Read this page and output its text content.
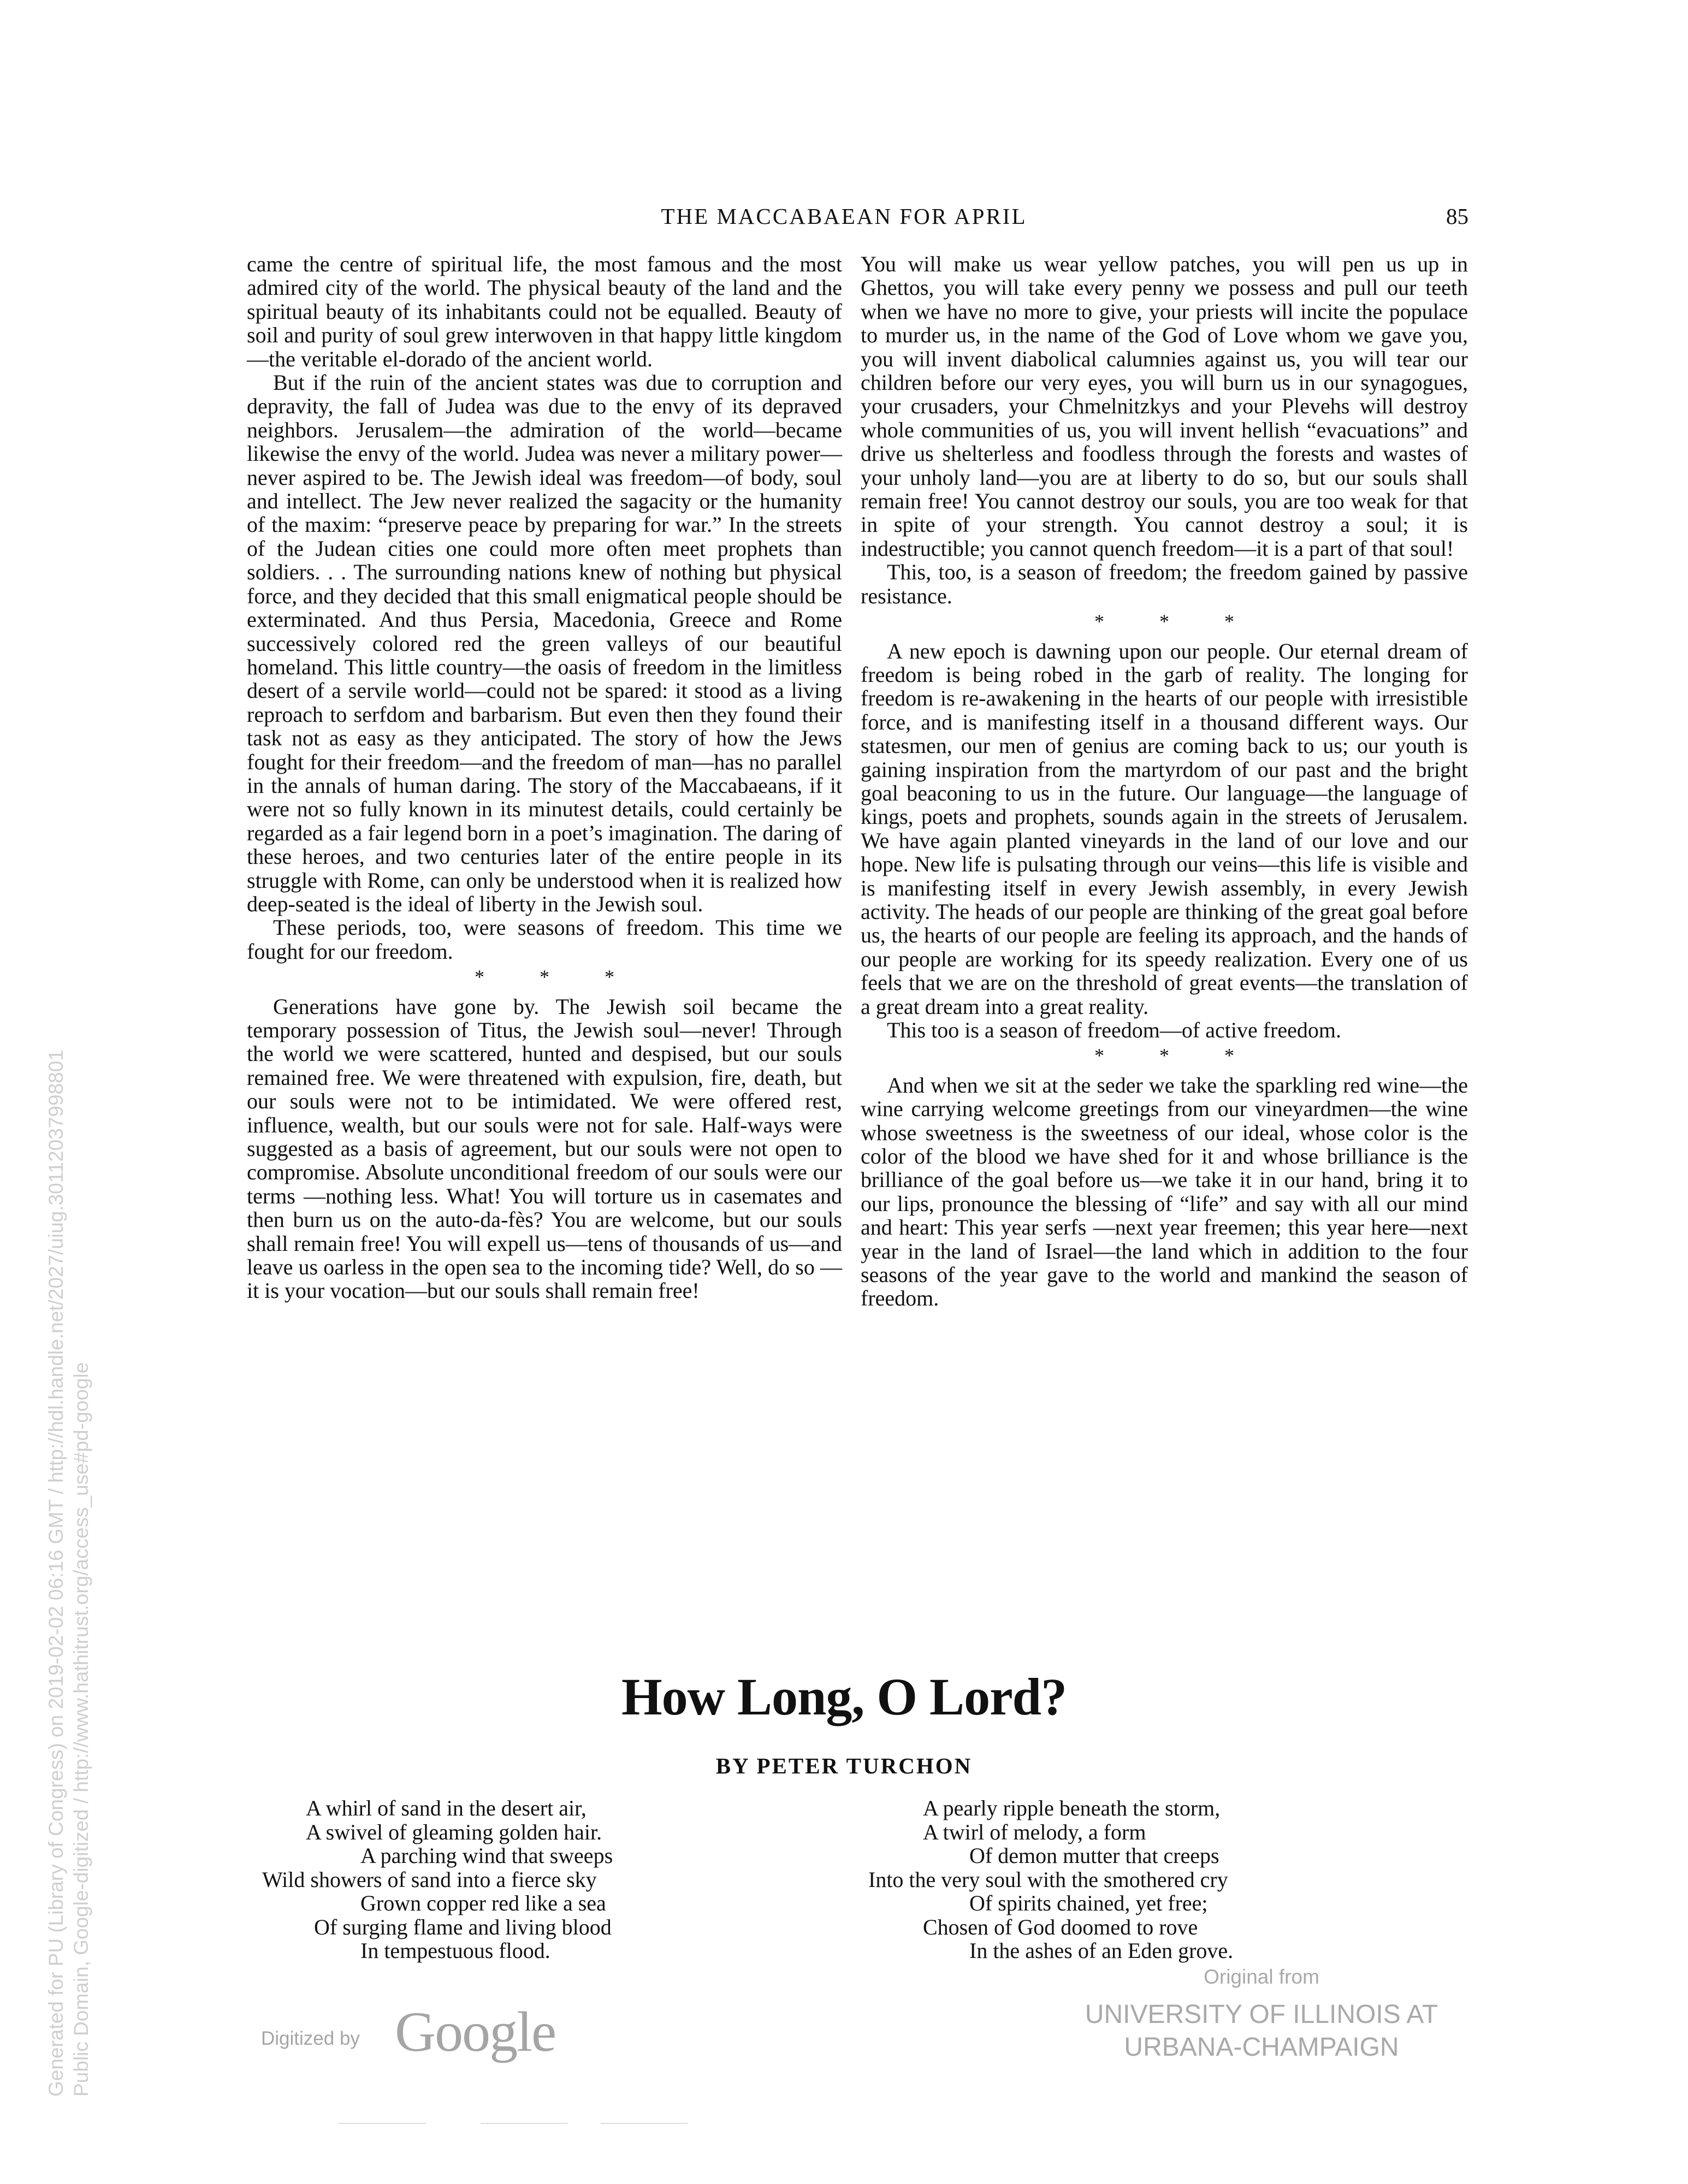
THE MACCABAEAN FOR APRIL	85

came the centre of spiritual life, the most famous and the most admired city of the world. The physical beauty of the land and the spiritual beauty of its inhabitants could not be equalled. Beauty of soil and purity of soul grew interwoven in that happy little kingdom—the veritable el-dorado of the ancient world.

But if the ruin of the ancient states was due to corruption and depravity, the fall of Judea was due to the envy of its depraved neighbors. Jerusalem—the admiration of the world—became likewise the envy of the world. Judea was never a military power—never aspired to be. The Jewish ideal was freedom—of body, soul and intellect. The Jew never realized the sagacity or the humanity of the maxim: “preserve peace by preparing for war.” In the streets of the Judean cities one could more often meet prophets than soldiers. . . The surrounding nations knew of nothing but physical force, and they decided that this small enigmatical people should be exterminated. And thus Persia, Macedonia, Greece and Rome successively colored red the green valleys of our beautiful homeland. This little country—the oasis of freedom in the limitless desert of a servile world—could not be spared: it stood as a living reproach to serfdom and barbarism. But even then they found their task not as easy as they anticipated. The story of how the Jews fought for their freedom—and the freedom of man—has no parallel in the annals of human daring. The story of the Maccabaeans, if it were not so fully known in its minutest details, could certainly be regarded as a fair legend born in a poet’s imagination. The daring of these heroes, and two centuries later of the entire people in its struggle with Rome, can only be understood when it is realized how deep-seated is the ideal of liberty in the Jewish soul.

These periods, too, were seasons of freedom. This time we fought for our freedom.

* * *

Generations have gone by. The Jewish soil became the temporary possession of Titus, the Jewish soul—never! Through the world we were scattered, hunted and despised, but our souls remained free. We were threatened with expulsion, fire, death, but our souls were not to be intimidated. We were offered rest, influence, wealth, but our souls were not for sale. Half-ways were suggested as a basis of agreement, but our souls were not open to compromise. Absolute unconditional freedom of our souls were our terms —nothing less. What! You will torture us in casemates and then burn us on the auto-da-fès? You are welcome, but our souls shall remain free! You will expell us—tens of thousands of us—and leave us oarless in the open sea to the incoming tide? Well, do so —it is your vocation—but our souls shall remain free!

You will make us wear yellow patches, you will pen us up in Ghettos, you will take every penny we possess and pull our teeth when we have no more to give, your priests will incite the populace to murder us, in the name of the God of Love whom we gave you, you will invent diabolical calumnies against us, you will tear our children before our very eyes, you will burn us in our synagogues, your crusaders, your Chmelnitzkys and your Plevehs will destroy whole communities of us, you will invent hellish “evacuations” and drive us shelterless and foodless through the forests and wastes of your unholy land—you are at liberty to do so, but our souls shall remain free! You cannot destroy our souls, you are too weak for that in spite of your strength. You cannot destroy a soul; it is indestructible; you cannot quench freedom—it is a part of that soul!

This, too, is a season of freedom; the freedom gained by passive resistance.

* * *

A new epoch is dawning upon our people. Our eternal dream of freedom is being robed in the garb of reality. The longing for freedom is re-awakening in the hearts of our people with irresistible force, and is manifesting itself in a thousand different ways. Our statesmen, our men of genius are coming back to us; our youth is gaining inspiration from the martyrdom of our past and the bright goal beaconing to us in the future. Our language—the language of kings, poets and prophets, sounds again in the streets of Jerusalem. We have again planted vineyards in the land of our love and our hope. New life is pulsating through our veins—this life is visible and is manifesting itself in every Jewish assembly, in every Jewish activity. The heads of our people are thinking of the great goal before us, the hearts of our people are feeling its approach, and the hands of our people are working for its speedy realization. Every one of us feels that we are on the threshold of great events—the translation of a great dream into a great reality.

This too is a season of freedom—of active freedom.

* * *

And when we sit at the seder we take the sparkling red wine—the wine carrying welcome greetings from our vineyardmen—the wine whose sweetness is the sweetness of our ideal, whose color is the color of the blood we have shed for it and whose brilliance is the brilliance of the goal before us—we take it in our hand, bring it to our lips, pronounce the blessing of “life” and say with all our mind and heart: This year serfs —next year freemen; this year here—next year in the land of Israel—the land which in addition to the four seasons of the year gave to the world and mankind the season of freedom.

How Long, O Lord?
BY PETER TURCHON
A whirl of sand in the desert air,
A swivel of gleaming golden hair.
A parching wind that sweeps
Wild showers of sand into a fierce sky
Grown copper red like a sea
Of surging flame and living blood
In tempestuous flood.
A pearly ripple beneath the storm,
A twirl of melody, a form
Of demon mutter that creeps
Into the very soul with the smothered cry
Of spirits chained, yet free;
Chosen of God doomed to rove
In the ashes of an Eden grove.
Generated for PU (Library of Congress) on 2019-02-02 06:16 GMT / http://hdl.handle.net/2027/uiug.30112037998801 Public Domain, Google-digitized / http://www.hathitrust.org/access_use#pd-google	Digitized by Google
Original from
UNIVERSITY OF ILLINOIS AT
URBANA-CHAMPAIGN
